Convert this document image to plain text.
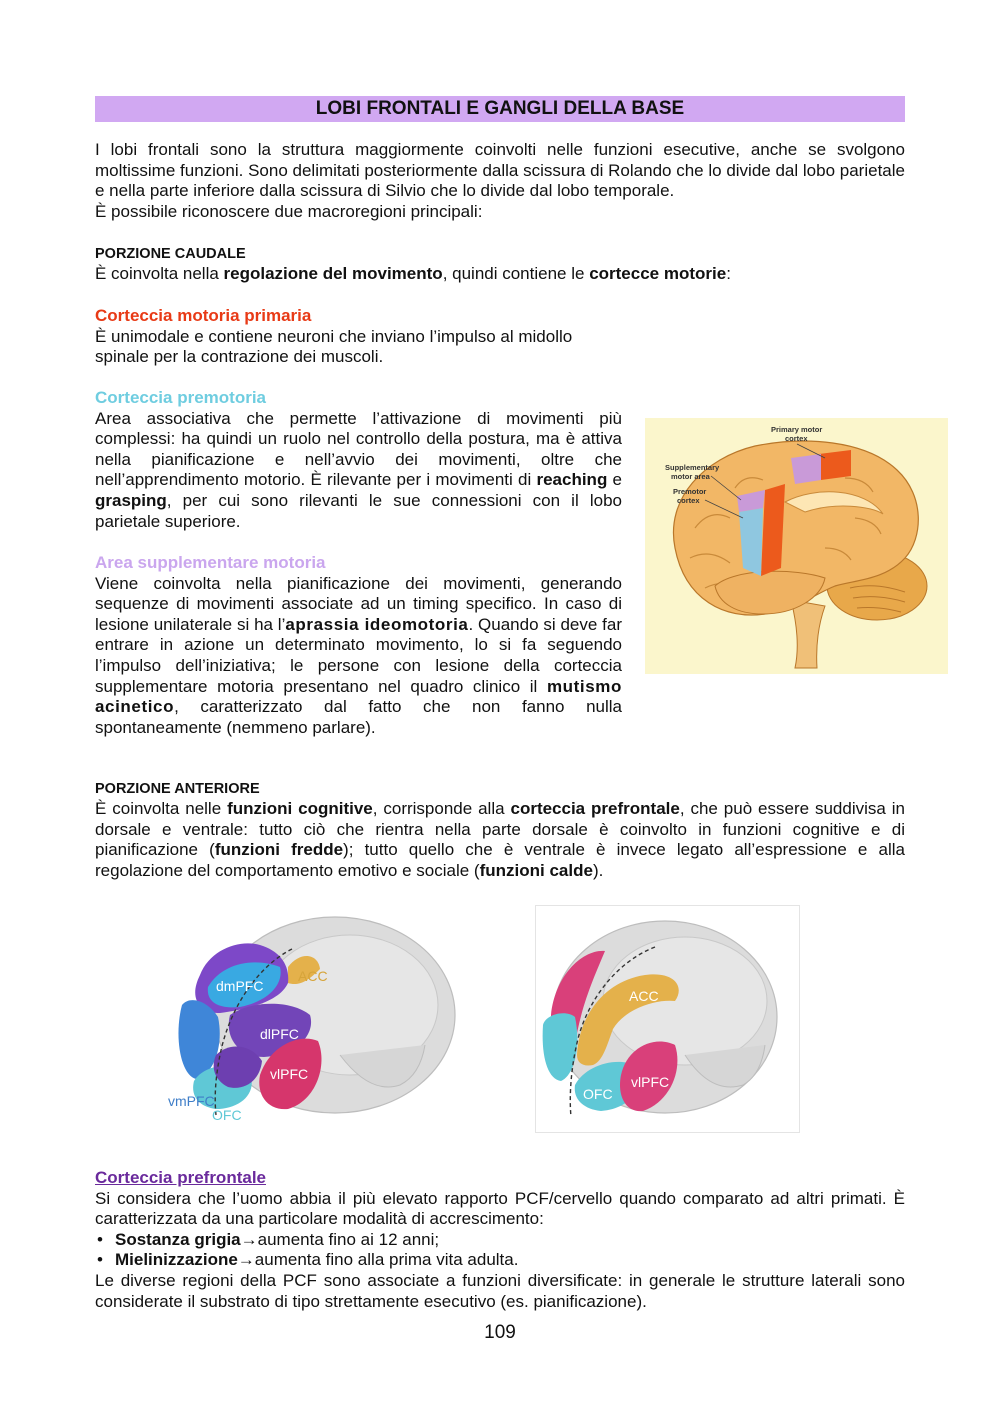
LOBI FRONTALI E GANGLI DELLA BASE

I lobi frontali sono la struttura maggiormente coinvolti nelle funzioni esecutive, anche se svolgono moltissime funzioni. Sono delimitati posteriormente dalla scissura di Rolando che lo divide dal lobo parietale e nella parte inferiore dalla scissura di Silvio che lo divide dal lobo temporale.

È possibile riconoscere due macroregioni principali:

PORZIONE CAUDALE

È coinvolta nella regolazione del movimento, quindi contiene le cortecce motorie:

Corteccia motoria primaria

È unimodale e contiene neuroni che inviano l’impulso al midollo spinale per la contrazione dei muscoli.

Corteccia premotoria

Area associativa che permette l’attivazione di movimenti più complessi: ha quindi un ruolo nel controllo della postura, ma è attiva nella pianificazione e nell’avvio dei movimenti, oltre che nell’apprendimento motorio. È rilevante per i movimenti di reaching e grasping, per cui sono rilevanti le sue connessioni con il lobo parietale superiore.

Area supplementare motoria

Viene coinvolta nella pianificazione dei movimenti, generando sequenze di movimenti associate ad un timing specifico. In caso di lesione unilaterale si ha l’aprassia ideomotoria. Quando si deve far entrare in azione un determinato movimento, lo si fa seguendo l’impulso dell’iniziativa; le persone con lesione della corteccia supplementare motoria presentano nel quadro clinico il mutismo acinetico, caratterizzato dal fatto che non fanno nulla spontaneamente (nemmeno parlare).

Primary motor
cortex
Supplementary
motor area
Premotor
cortex
PORZIONE ANTERIORE

È coinvolta nelle funzioni cognitive, corrisponde alla corteccia prefrontale, che può essere suddivisa in dorsale e ventrale: tutto ciò che rientra nella parte dorsale è coinvolto in funzioni cognitive e di pianificazione (funzioni fredde); tutto quello che è ventrale è invece legato all’espressione e alla regolazione del comportamento emotivo e sociale (funzioni calde).

ACC
dmPFC
dlPFC
vlPFC
vmPFC
OFC
ACC
vlPFC
OFC
Corteccia prefrontale

Si considera che l’uomo abbia il più elevato rapporto PCF/cervello quando comparato ad altri primati. È caratterizzata da una particolare modalità di accrescimento:

• Sostanza grigia→aumenta fino ai 12 anni;
• Mielinizzazione→aumenta fino alla prima vita adulta.

Le diverse regioni della PCF sono associate a funzioni diversificate: in generale le strutture laterali sono considerate il substrato di tipo strettamente esecutivo (es. pianificazione).

109
